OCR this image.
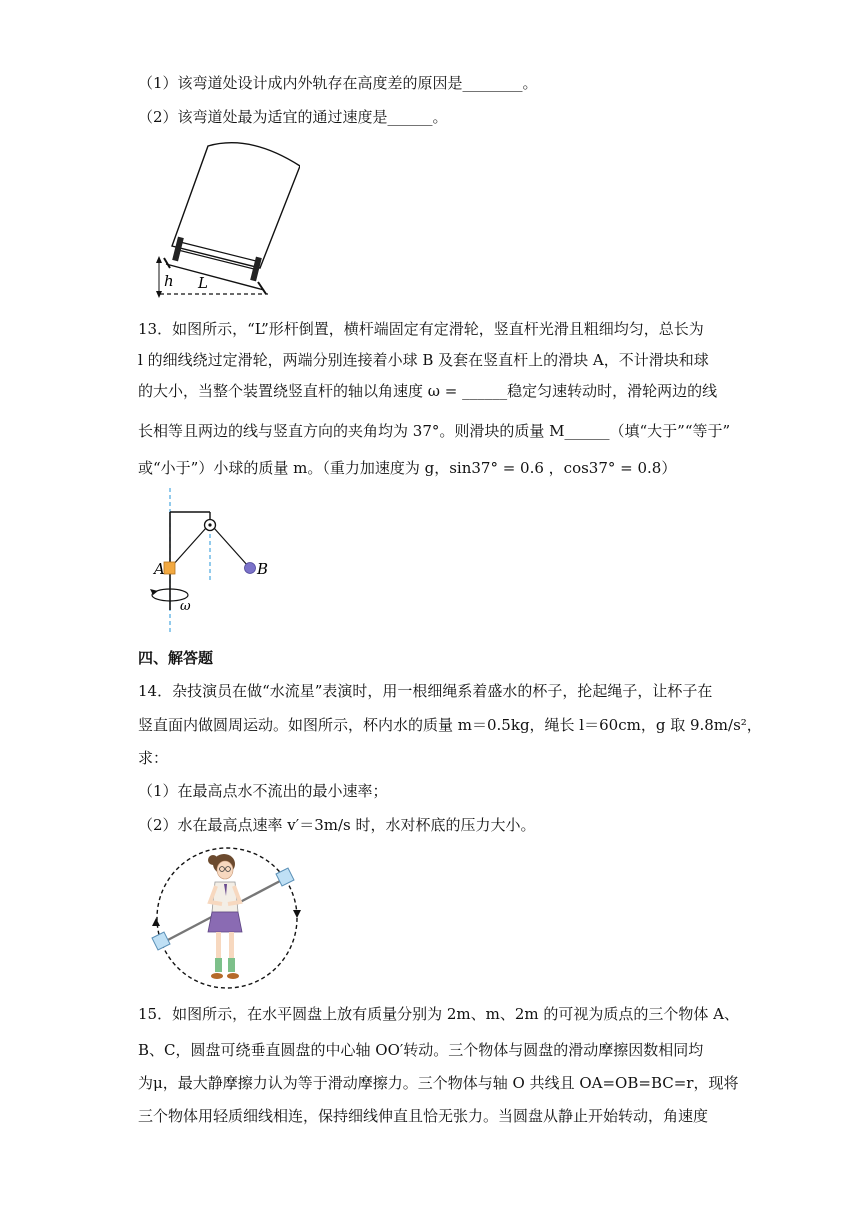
（1）该弯道处设计成内外轨存在高度差的原因是________。
（2）该弯道处最为适宜的通过速度是______。
h L
13．如图所示，“L”形杆倒置，横杆端固定有定滑轮，竖直杆光滑且粗细均匀，总长为
l 的细线绕过定滑轮，两端分别连接着小球 B 及套在竖直杆上的滑块 A，不计滑块和球
的大小，当整个装置绕竖直杆的轴以角速度 ω = ______稳定匀速转动时，滑轮两边的线
长相等且两边的线与竖直方向的夹角均为 37°。则滑块的质量 M______（填“大于”“等于”
或“小于”）小球的质量 m。（重力加速度为 g，sin37° = 0.6 ，cos37° = 0.8）
A	B
ω
四、解答题
14．杂技演员在做“水流星”表演时，用一根细绳系着盛水的杯子，抡起绳子，让杯子在
竖直面内做圆周运动。如图所示，杯内水的质量 m＝0.5kg，绳长 l＝60cm，g 取 9.8m/s²，
求：
（1）在最高点水不流出的最小速率；
（2）水在最高点速率 v′＝3m/s 时，水对杯底的压力大小。
15．如图所示，在水平圆盘上放有质量分别为 2m、m、2m 的可视为质点的三个物体 A、
B、C，圆盘可绕垂直圆盘的中心轴 OO′转动。三个物体与圆盘的滑动摩擦因数相同均
为μ，最大静摩擦力认为等于滑动摩擦力。三个物体与轴 O 共线且 OA=OB=BC=r，现将
三个物体用轻质细线相连，保持细线伸直且恰无张力。当圆盘从静止开始转动，角速度
